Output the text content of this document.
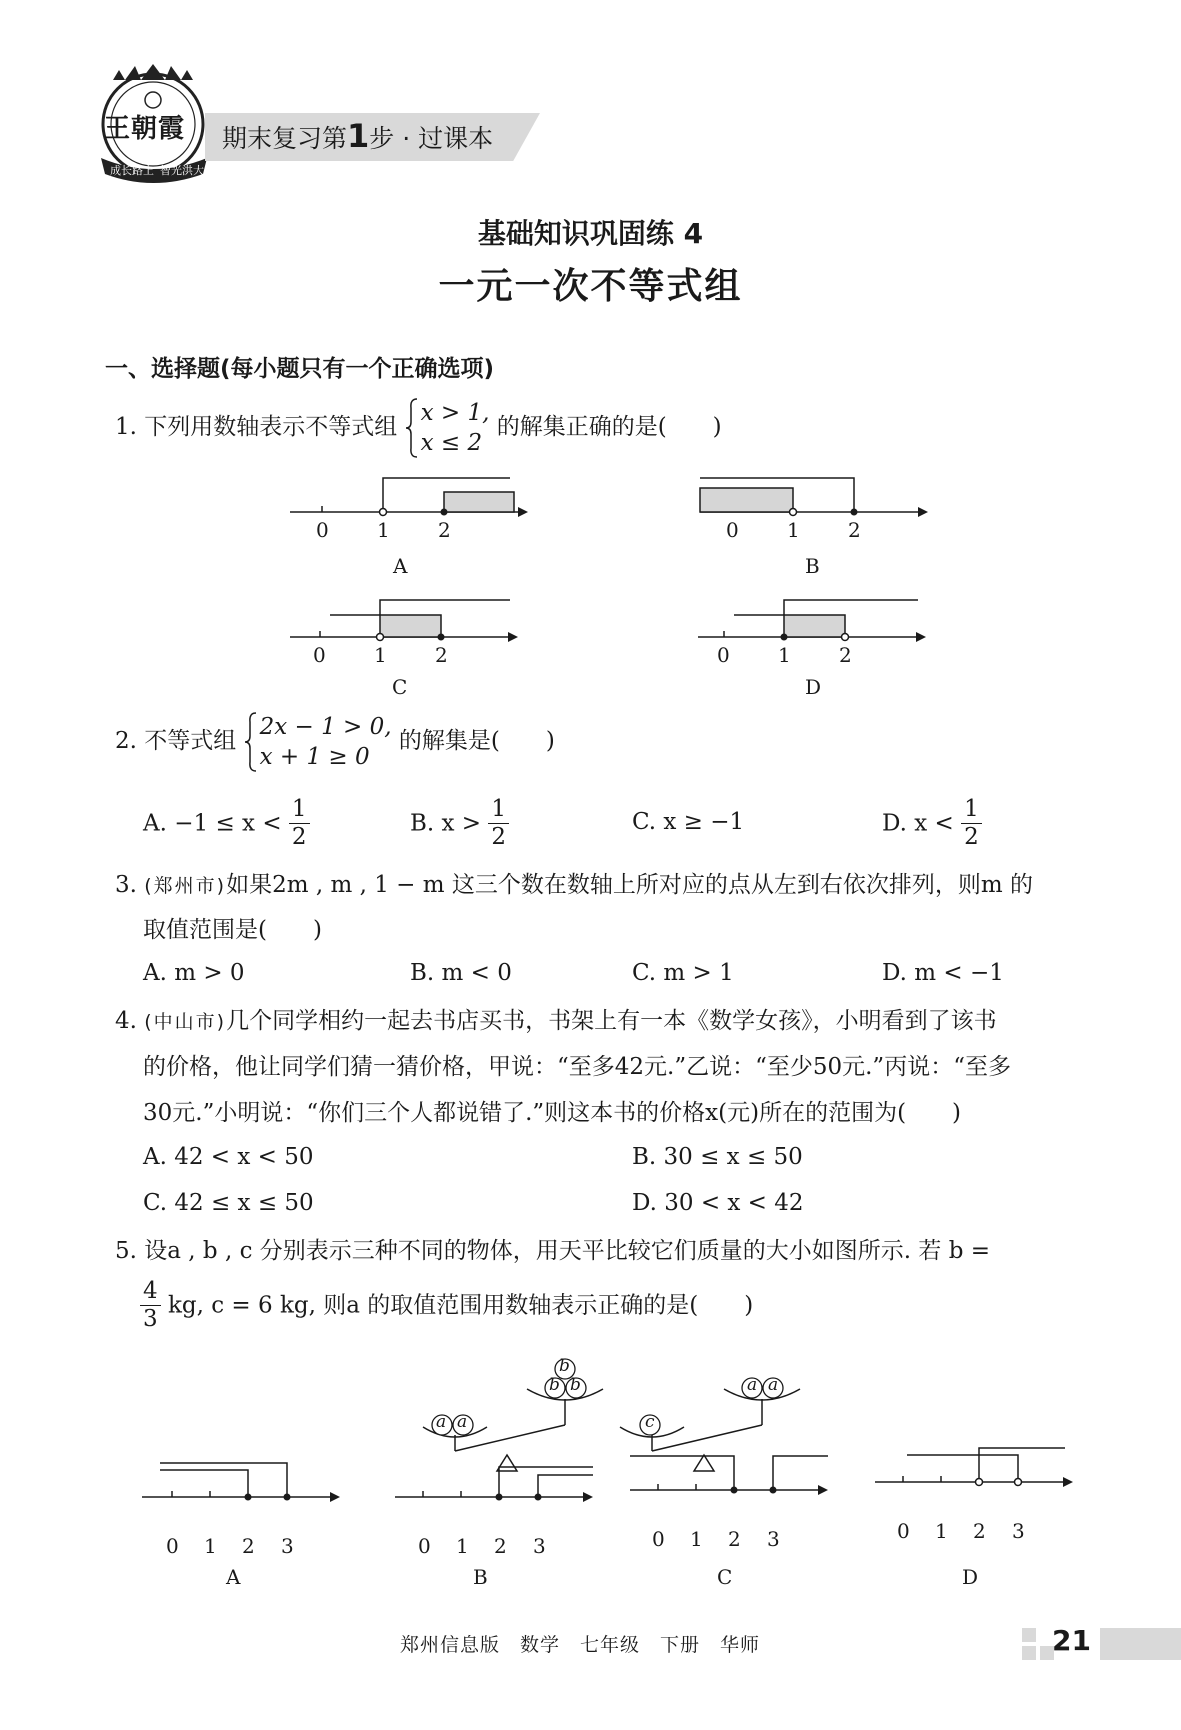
王朝霞
成长路上 智光洪大
期末复习第1步 · 过课本
基础知识巩固练 4
一元一次不等式组
一、选择题(每小题只有一个正确选项)
1. 下列用数轴表示不等式组
x > 1,
x ≤ 2
的解集正确的是(　　)
0 1 2
A
0 1 2
B
0 1 2
C
0 1 2
D
2. 不等式组
2x − 1 > 0,
x + 1 ≥ 0
的解集是(　　)
A. $-1 \le x < \frac{1}{2}$	B. $x > \frac{1}{2}$	C. x ≥ −1	D. $x < \frac{1}{2}$
3. (郑州市)如果2m , m , 1 − m 这三个数在数轴上所对应的点从左到右依次排列，则m 的
取值范围是(　　)
A. m > 0	B. m < 0	C. m > 1	D. m < −1
4. (中山市)几个同学相约一起去书店买书，书架上有一本《数学女孩》，小明看到了该书
的价格，他让同学们猜一猜价格，甲说：“至多42元.”乙说：“至少50元.”丙说：“至多
30元.”小明说：“你们三个人都说错了.”则这本书的价格x(元)所在的范围为(　　)
A. 42 < x < 50	B. 30 ≤ x ≤ 50
C. 42 ≤ x ≤ 50	D. 30 < x < 42
5. 设a , b , c 分别表示三种不同的物体，用天平比较它们质量的大小如图所示. 若 b =
$\frac{4}{3}$ kg, c = 6 kg, 则a 的取值范围用数轴表示正确的是(　　)
a a
b b
b
c
a a
0 1 2 3
A
0 1 2 3
B
0 1 2 3
C
0 1 2 3
D
郑州信息版　数学　七年级　下册　华师	21
